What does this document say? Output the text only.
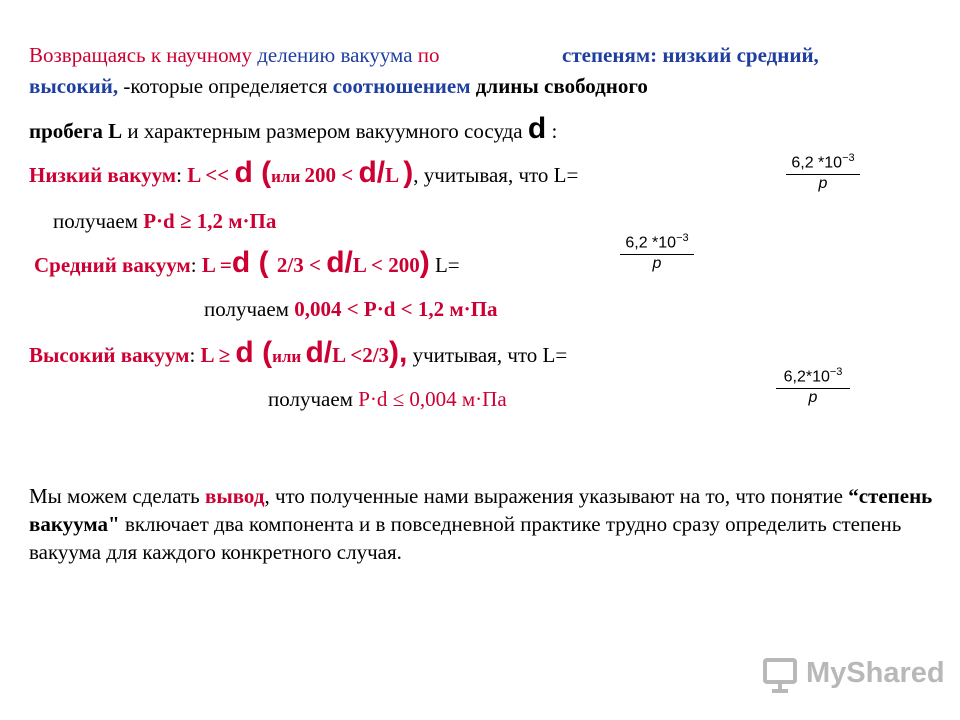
Возвращаясь к научному делению вакуума по	степеням: низкий средний,
высокий, -которые определяется соотношением длины свободного
пробега L и характерным размером вакуумного сосуда d :
Низкий вакуум: L << d (или 200 < d/L ), учитывая, что L=
6,2 $*10^{-3}$
p
получаем P·d ≥ 1,2 м·Па
Средний вакуум: L =d ( 2/3 < d/L < 200) L=
6,2 $*10^{-3}$
p
получаем 0,004 < P·d < 1,2 м·Па
Высокий вакуум: L ≥ d (или d/L <2/3), учитывая, что L=
получаем P·d ≤ 0,004 м·Па
$6,2*10^{-3}$
p
Мы можем сделать вывод, что полученные нами выражения указывают на то, что понятие “степень вакуума" включает два компонента и в повседневной практике трудно сразу определить степень вакуума для каждого конкретного случая.
MyShared
